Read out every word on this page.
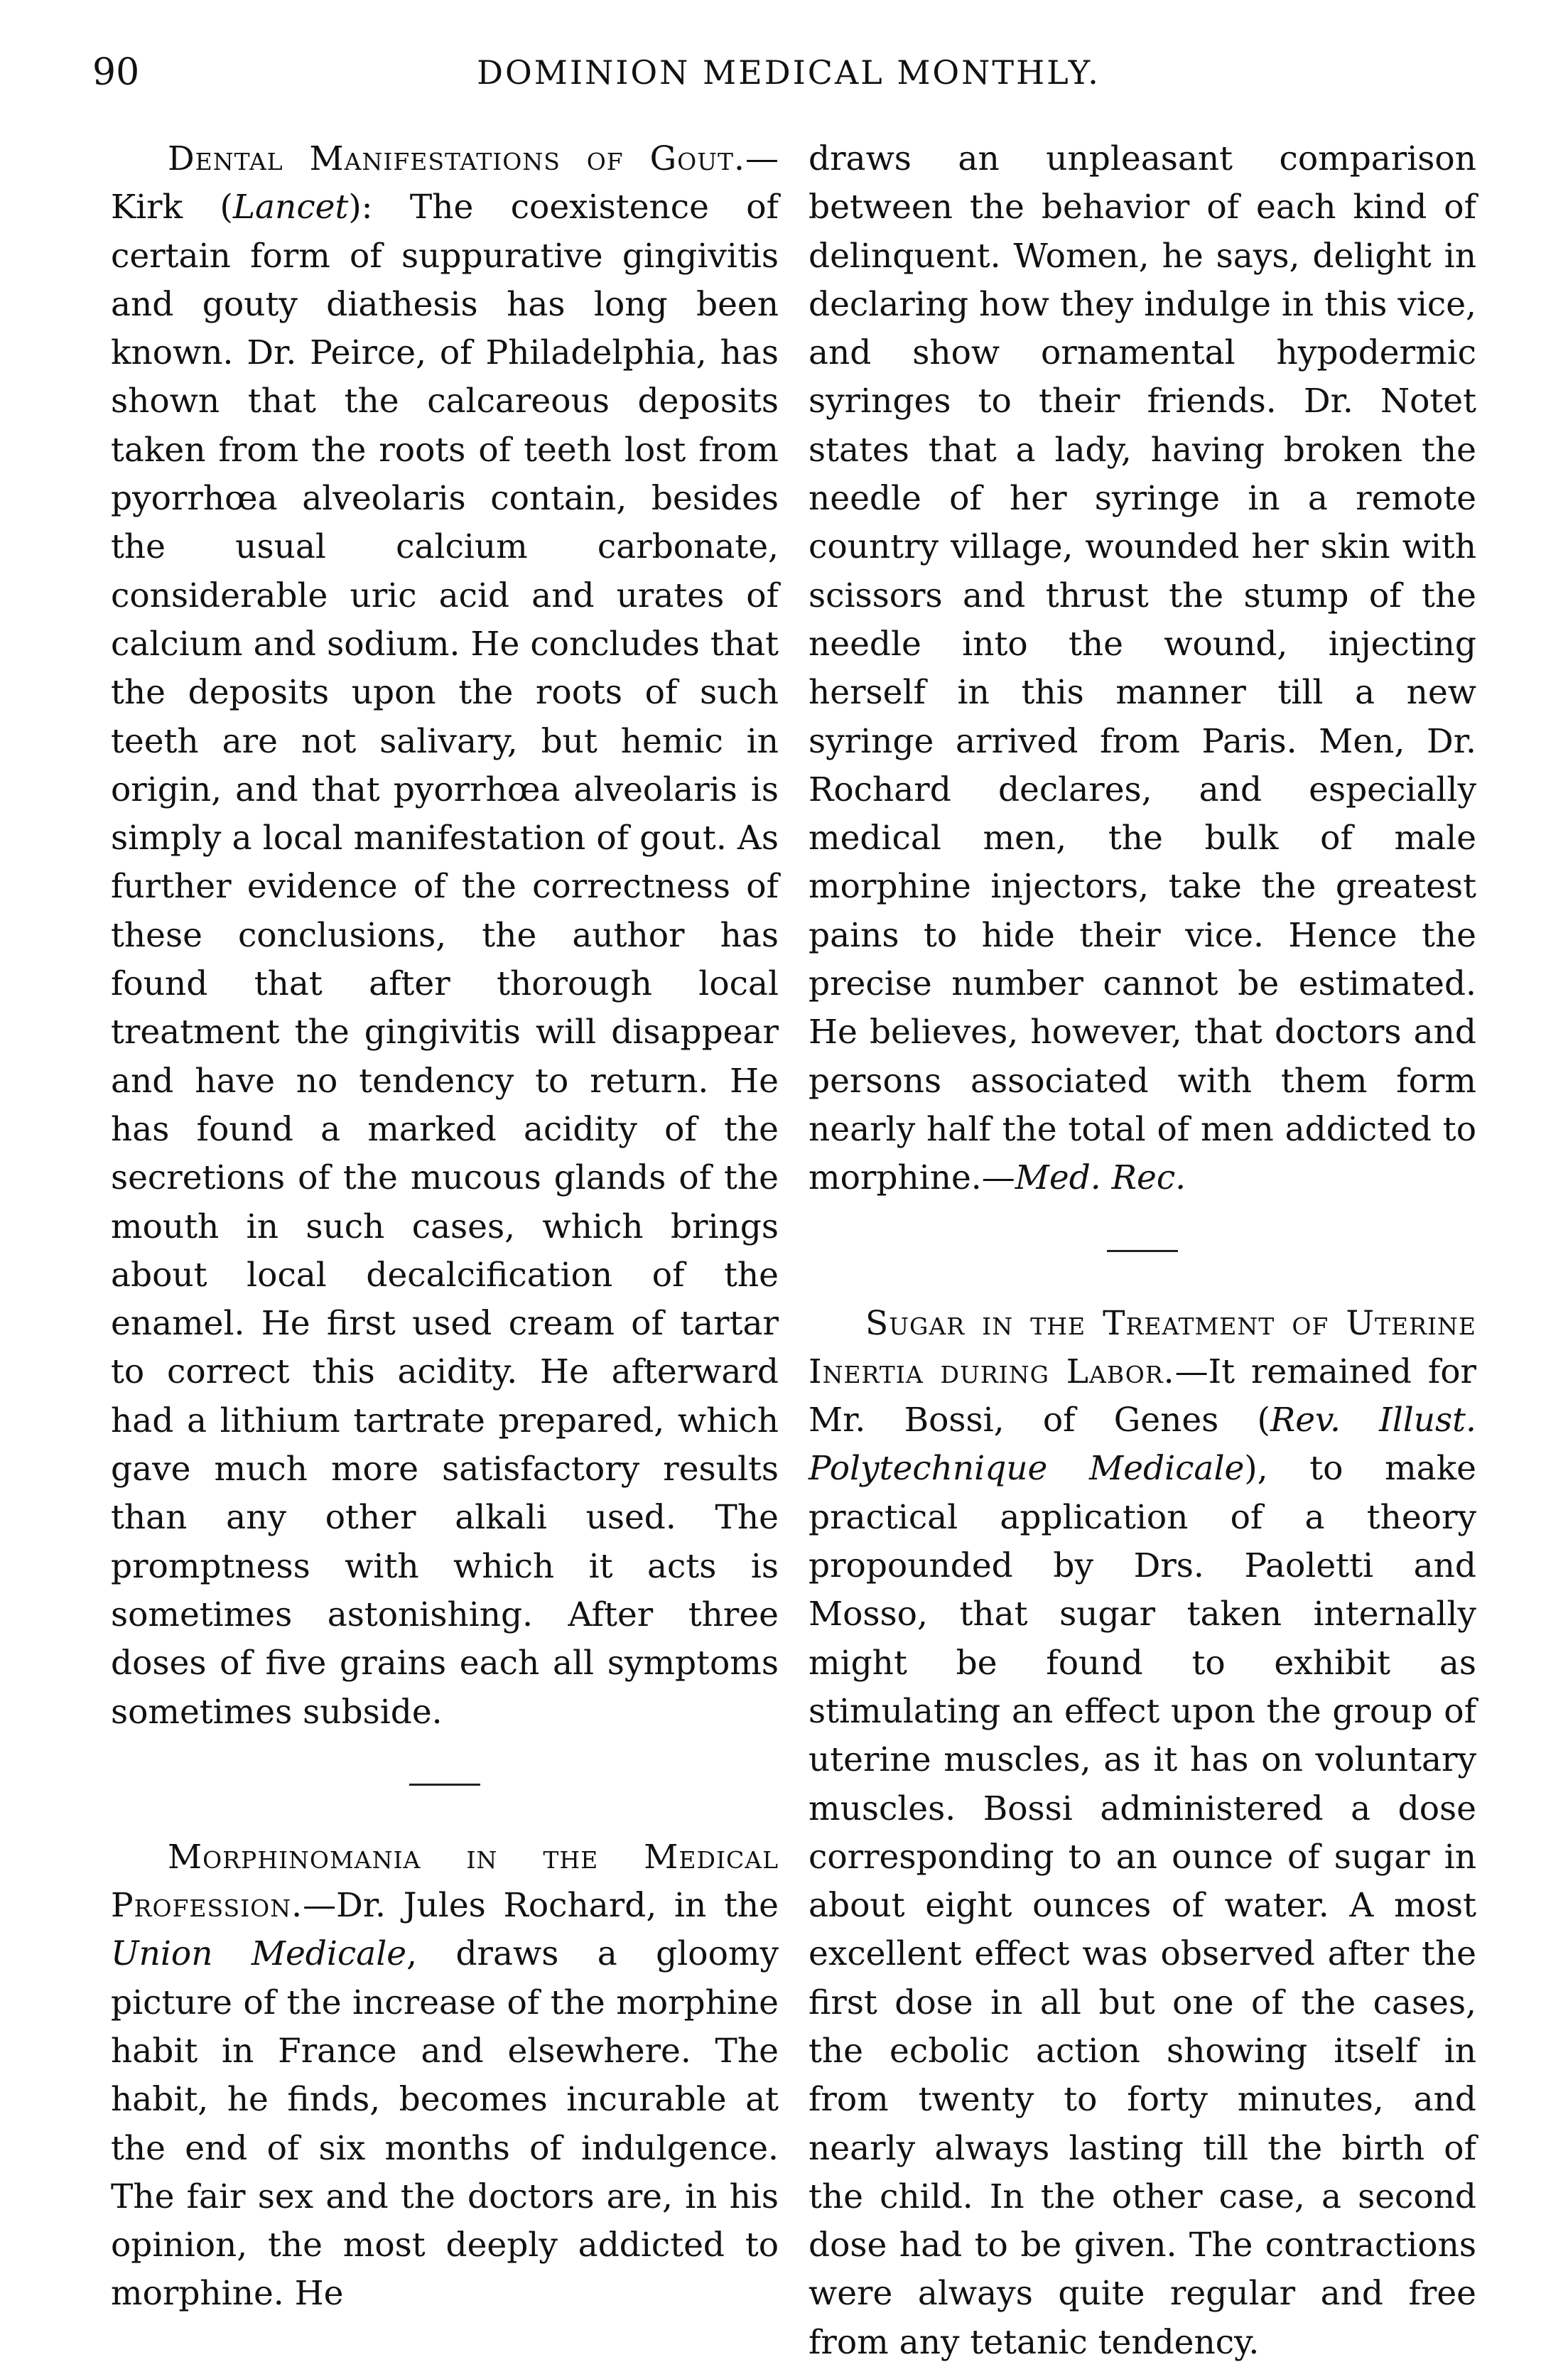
90	DOMINION MEDICAL MONTHLY.

Dental Manifestations of Gout.—Kirk (Lancet): The coexistence of certain form of suppurative gingivitis and gouty diathesis has long been known. Dr. Peirce, of Philadelphia, has shown that the calcareous deposits taken from the roots of teeth lost from pyorrhœa alveolaris contain, besides the usual calcium carbonate, considerable uric acid and urates of calcium and sodium. He concludes that the deposits upon the roots of such teeth are not salivary, but hemic in origin, and that pyorrhœa alveolaris is simply a local manifestation of gout. As further evidence of the correctness of these conclusions, the author has found that after thorough local treatment the gingivitis will disappear and have no tendency to return. He has found a marked acidity of the secretions of the mucous glands of the mouth in such cases, which brings about local decalcification of the enamel. He first used cream of tartar to correct this acidity. He afterward had a lithium tartrate prepared, which gave much more satisfactory results than any other alkali used. The promptness with which it acts is sometimes astonishing. After three doses of five grains each all symptoms sometimes subside.

Morphinomania in the Medical Profession.—Dr. Jules Rochard, in the Union Medicale, draws a gloomy picture of the increase of the morphine habit in France and elsewhere. The habit, he finds, becomes incurable at the end of six months of indulgence. The fair sex and the doctors are, in his opinion, the most deeply addicted to morphine. He

draws an unpleasant comparison between the behavior of each kind of delinquent. Women, he says, delight in declaring how they indulge in this vice, and show ornamental hypodermic syringes to their friends. Dr. Notet states that a lady, having broken the needle of her syringe in a remote country village, wounded her skin with scissors and thrust the stump of the needle into the wound, injecting herself in this manner till a new syringe arrived from Paris. Men, Dr. Rochard declares, and especially medical men, the bulk of male morphine injectors, take the greatest pains to hide their vice. Hence the precise number cannot be estimated. He believes, however, that doctors and persons associated with them form nearly half the total of men addicted to morphine.—Med. Rec.

Sugar in the Treatment of Uterine Inertia during Labor.—It remained for Mr. Bossi, of Genes (Rev. Illust. Polytechnique Medicale), to make practical application of a theory propounded by Drs. Paoletti and Mosso, that sugar taken internally might be found to exhibit as stimulating an effect upon the group of uterine muscles, as it has on voluntary muscles. Bossi administered a dose corresponding to an ounce of sugar in about eight ounces of water. A most excellent effect was observed after the first dose in all but one of the cases, the ecbolic action showing itself in from twenty to forty minutes, and nearly always lasting till the birth of the child. In the other case, a second dose had to be given. The contractions were always quite regular and free from any tetanic tendency.
